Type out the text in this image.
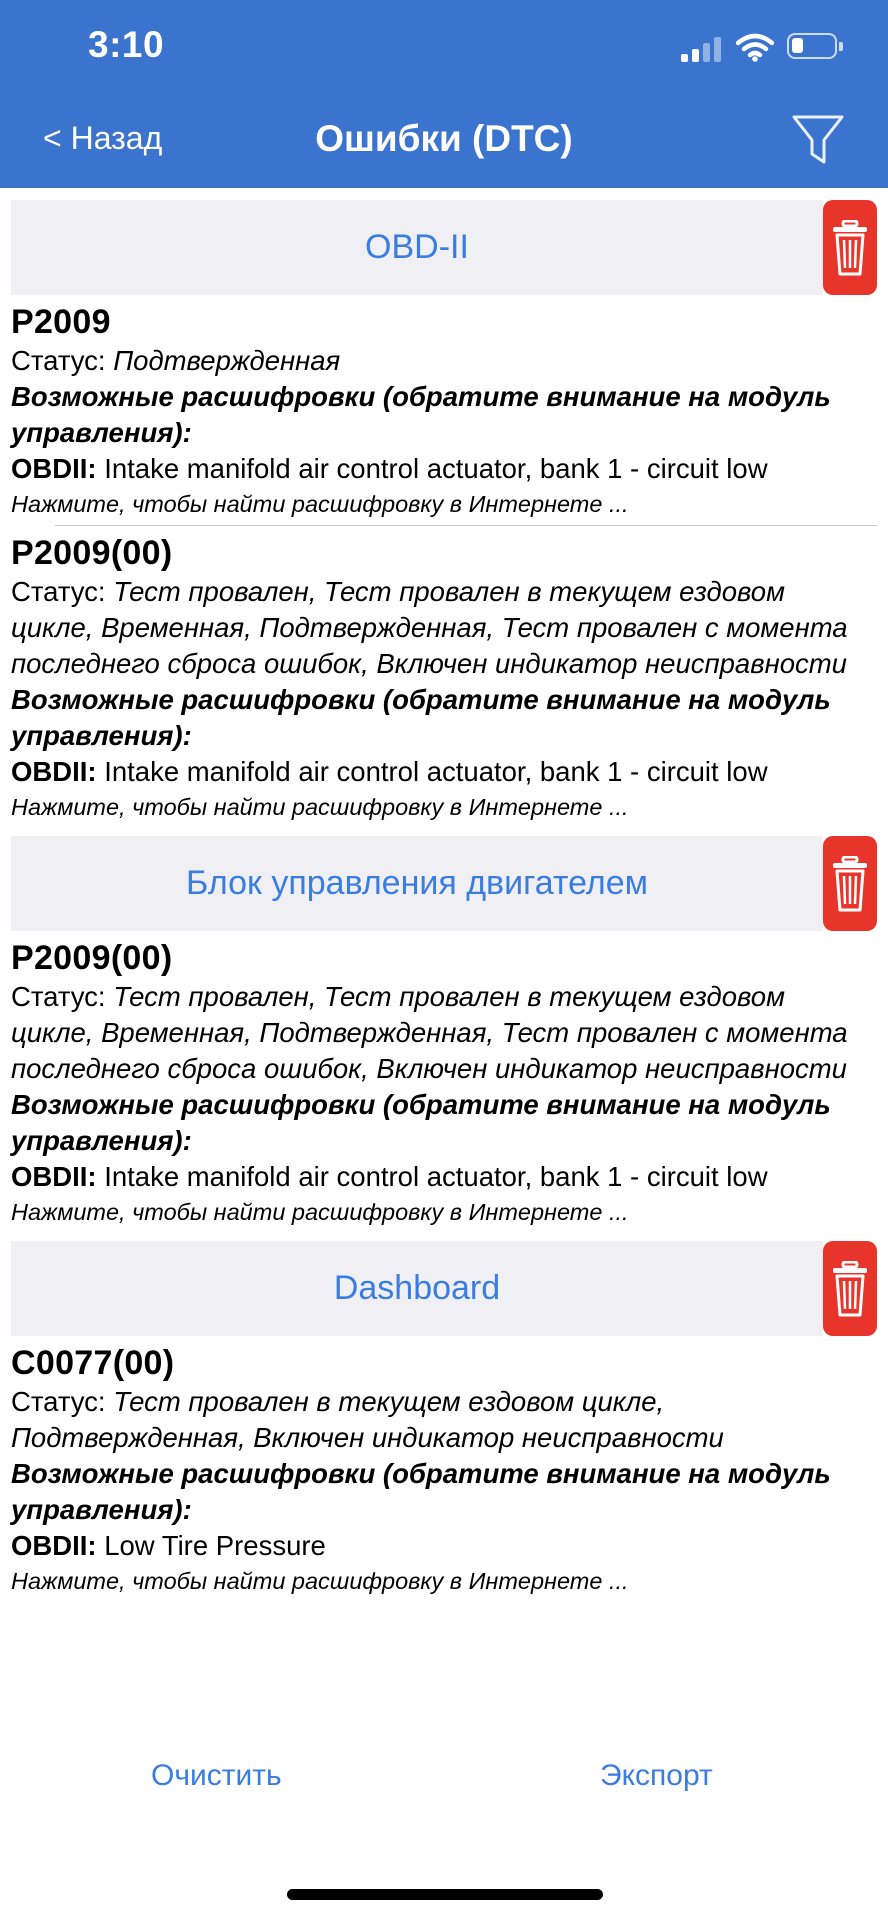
3:10
< Назад	Ошибки (DTC)
OBD-II
P2009
Статус: Подтвержденная
Возможные расшифровки (обратите внимание на модуль управления):
OBDII: Intake manifold air control actuator, bank 1 - circuit low
Нажмите, чтобы найти расшифровку в Интернете ...
P2009(00)
Статус: Тест провален, Тест провален в текущем ездовом цикле, Временная, Подтвержденная, Тест провален с момента последнего сброса ошибок, Включен индикатор неисправности
Возможные расшифровки (обратите внимание на модуль управления):
OBDII: Intake manifold air control actuator, bank 1 - circuit low
Нажмите, чтобы найти расшифровку в Интернете ...
Блок управления двигателем
P2009(00)
Статус: Тест провален, Тест провален в текущем ездовом цикле, Временная, Подтвержденная, Тест провален с момента последнего сброса ошибок, Включен индикатор неисправности
Возможные расшифровки (обратите внимание на модуль управления):
OBDII: Intake manifold air control actuator, bank 1 - circuit low
Нажмите, чтобы найти расшифровку в Интернете ...
Dashboard
C0077(00)
Статус: Тест провален в текущем ездовом цикле, Подтвержденная, Включен индикатор неисправности
Возможные расшифровки (обратите внимание на модуль управления):
OBDII: Low Tire Pressure
Нажмите, чтобы найти расшифровку в Интернете ...
Очистить	Экспорт
